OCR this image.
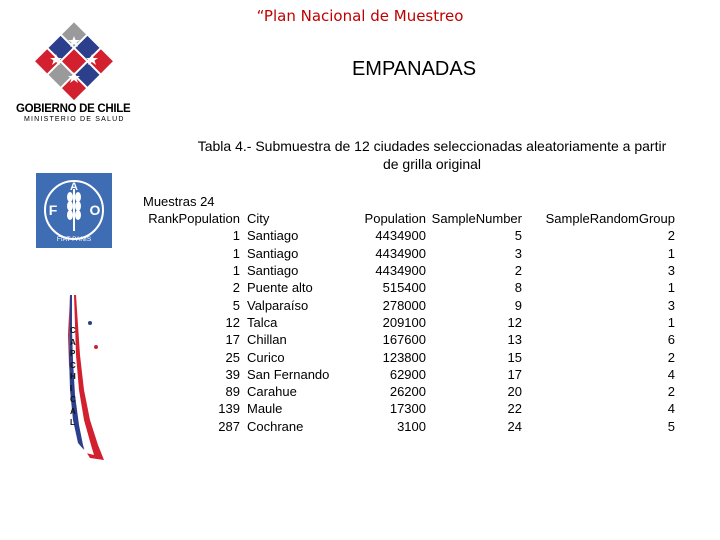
“Plan Nacional de Muestreo
EMPANADAS
GOBIERNO DE CHILE
MINISTERIO DE SALUD
F
A
O
FIAT PANIS
C
A
P
C
H
I
C
A
L
Tabla 4.- Submuestra de 12 ciudades seleccionadas aleatoriamente a partir
de grilla original
Muestras 24
RankPopulation	City	Population	SampleNumber	SampleRandomGroup
1	Santiago	4434900	5	2
1	Santiago	4434900	3	1
1	Santiago	4434900	2	3
2	Puente alto	515400	8	1
5	Valparaíso	278000	9	3
12	Talca	209100	12	1
17	Chillan	167600	13	6
25	Curico	123800	15	2
39	San Fernando	62900	17	4
89	Carahue	26200	20	2
139	Maule	17300	22	4
287	Cochrane	3100	24	5
